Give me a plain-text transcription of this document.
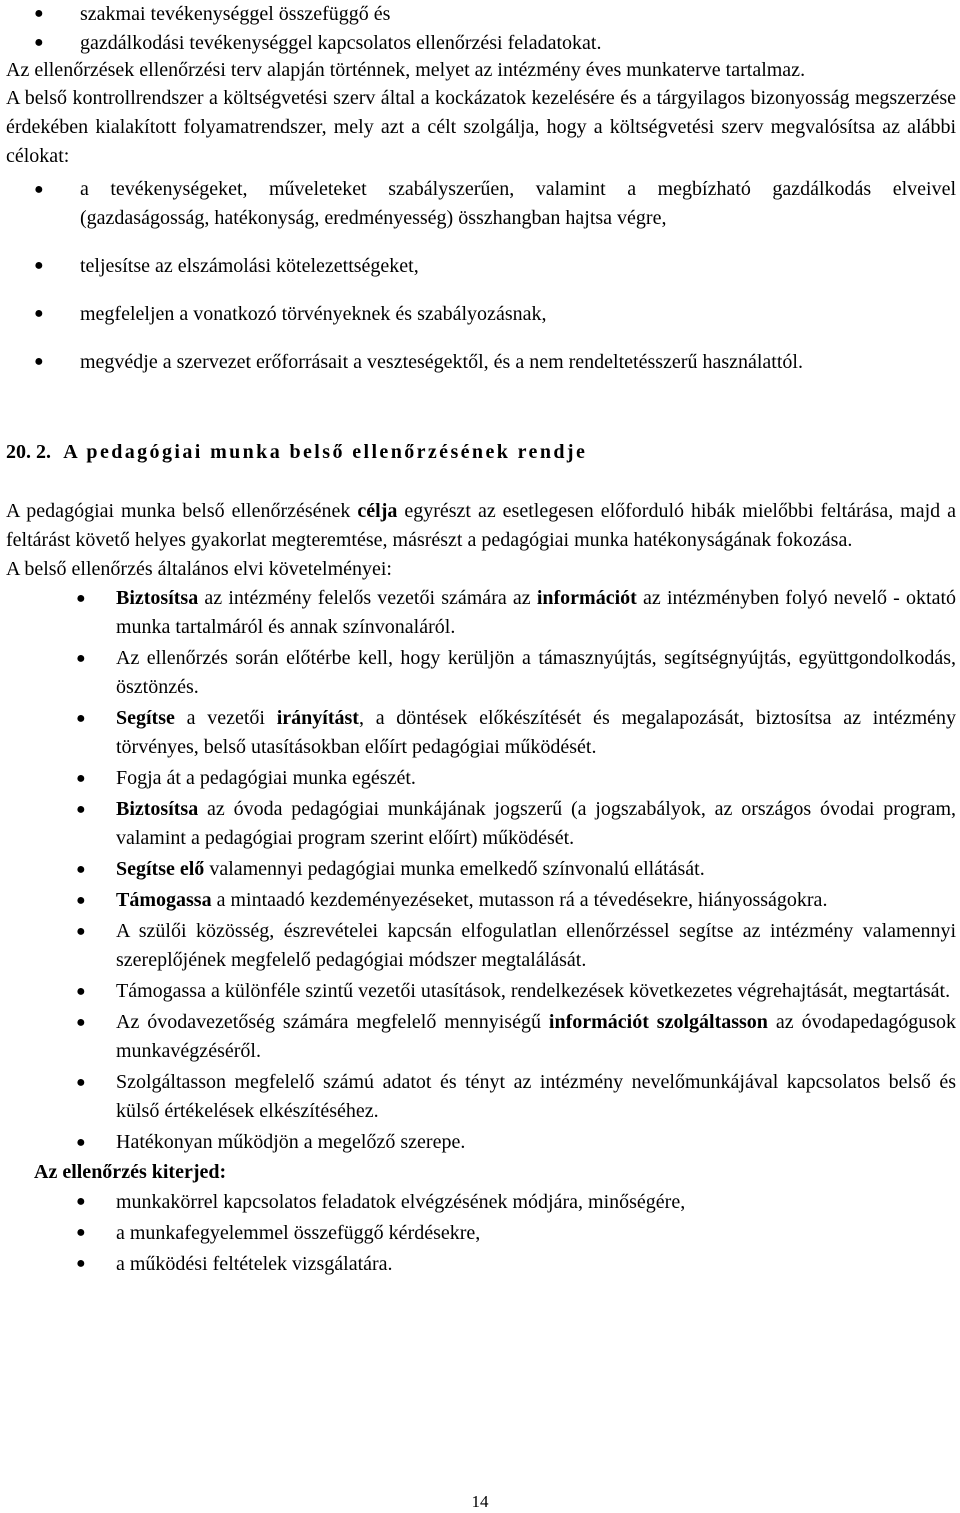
● szakmai tevékenységgel összefüggő és
● gazdálkodási tevékenységgel kapcsolatos ellenőrzési feladatokat.

Az ellenőrzések ellenőrzési terv alapján történnek, melyet az intézmény éves munkaterve tartalmaz.

A belső kontrollrendszer a költségvetési szerv által a kockázatok kezelésére és a tárgyilagos bizonyosság megszerzése érdekében kialakított folyamatrendszer, mely azt a célt szolgálja, hogy a költségvetési szerv megvalósítsa az alábbi célokat:

● a tevékenységeket, műveleteket szabályszerűen, valamint a megbízható gazdálkodás elveivel (gazdaságosság, hatékonyság, eredményesség) összhangban hajtsa végre,
● teljesítse az elszámolási kötelezettségeket,
● megfeleljen a vonatkozó törvényeknek és szabályozásnak,
● megvédje a szervezet erőforrásait a veszteségektől, és a nem rendeltetésszerű használattól.
20. 2. A pedagógiai munka belső ellenőrzésének rendje

A pedagógiai munka belső ellenőrzésének célja egyrészt az esetlegesen előforduló hibák mielőbbi feltárása, majd a feltárást követő helyes gyakorlat megteremtése, másrészt a pedagógiai munka hatékonyságának fokozása.

A belső ellenőrzés általános elvi követelményei:

● Biztosítsa az intézmény felelős vezetői számára az információt az intézményben folyó nevelő - oktató munka tartalmáról és annak színvonaláról.
● Az ellenőrzés során előtérbe kell, hogy kerüljön a támasznyújtás, segítségnyújtás, együttgondolkodás, ösztönzés.
● Segítse a vezetői irányítást, a döntések előkészítését és megalapozását, biztosítsa az intézmény törvényes, belső utasításokban előírt pedagógiai működését.
● Fogja át a pedagógiai munka egészét.
● Biztosítsa az óvoda pedagógiai munkájának jogszerű (a jogszabályok, az országos óvodai program, valamint a pedagógiai program szerint előírt) működését.
● Segítse elő valamennyi pedagógiai munka emelkedő színvonalú ellátását.
● Támogassa a mintaadó kezdeményezéseket, mutasson rá a tévedésekre, hiányosságokra.
● A szülői közösség, észrevételei kapcsán elfogulatlan ellenőrzéssel segítse az intézmény valamennyi szereplőjének megfelelő pedagógiai módszer megtalálását.
● Támogassa a különféle szintű vezetői utasítások, rendelkezések következetes végrehajtását, megtartását.
● Az óvodavezetőség számára megfelelő mennyiségű információt szolgáltasson az óvodapedagógusok munkavégzéséről.
● Szolgáltasson megfelelő számú adatot és tényt az intézmény nevelőmunkájával kapcsolatos belső és külső értékelések elkészítéséhez.
● Hatékonyan működjön a megelőző szerepe.

Az ellenőrzés kiterjed:

● munkakörrel kapcsolatos feladatok elvégzésének módjára, minőségére,
● a munkafegyelemmel összefüggő kérdésekre,
● a működési feltételek vizsgálatára.
14
